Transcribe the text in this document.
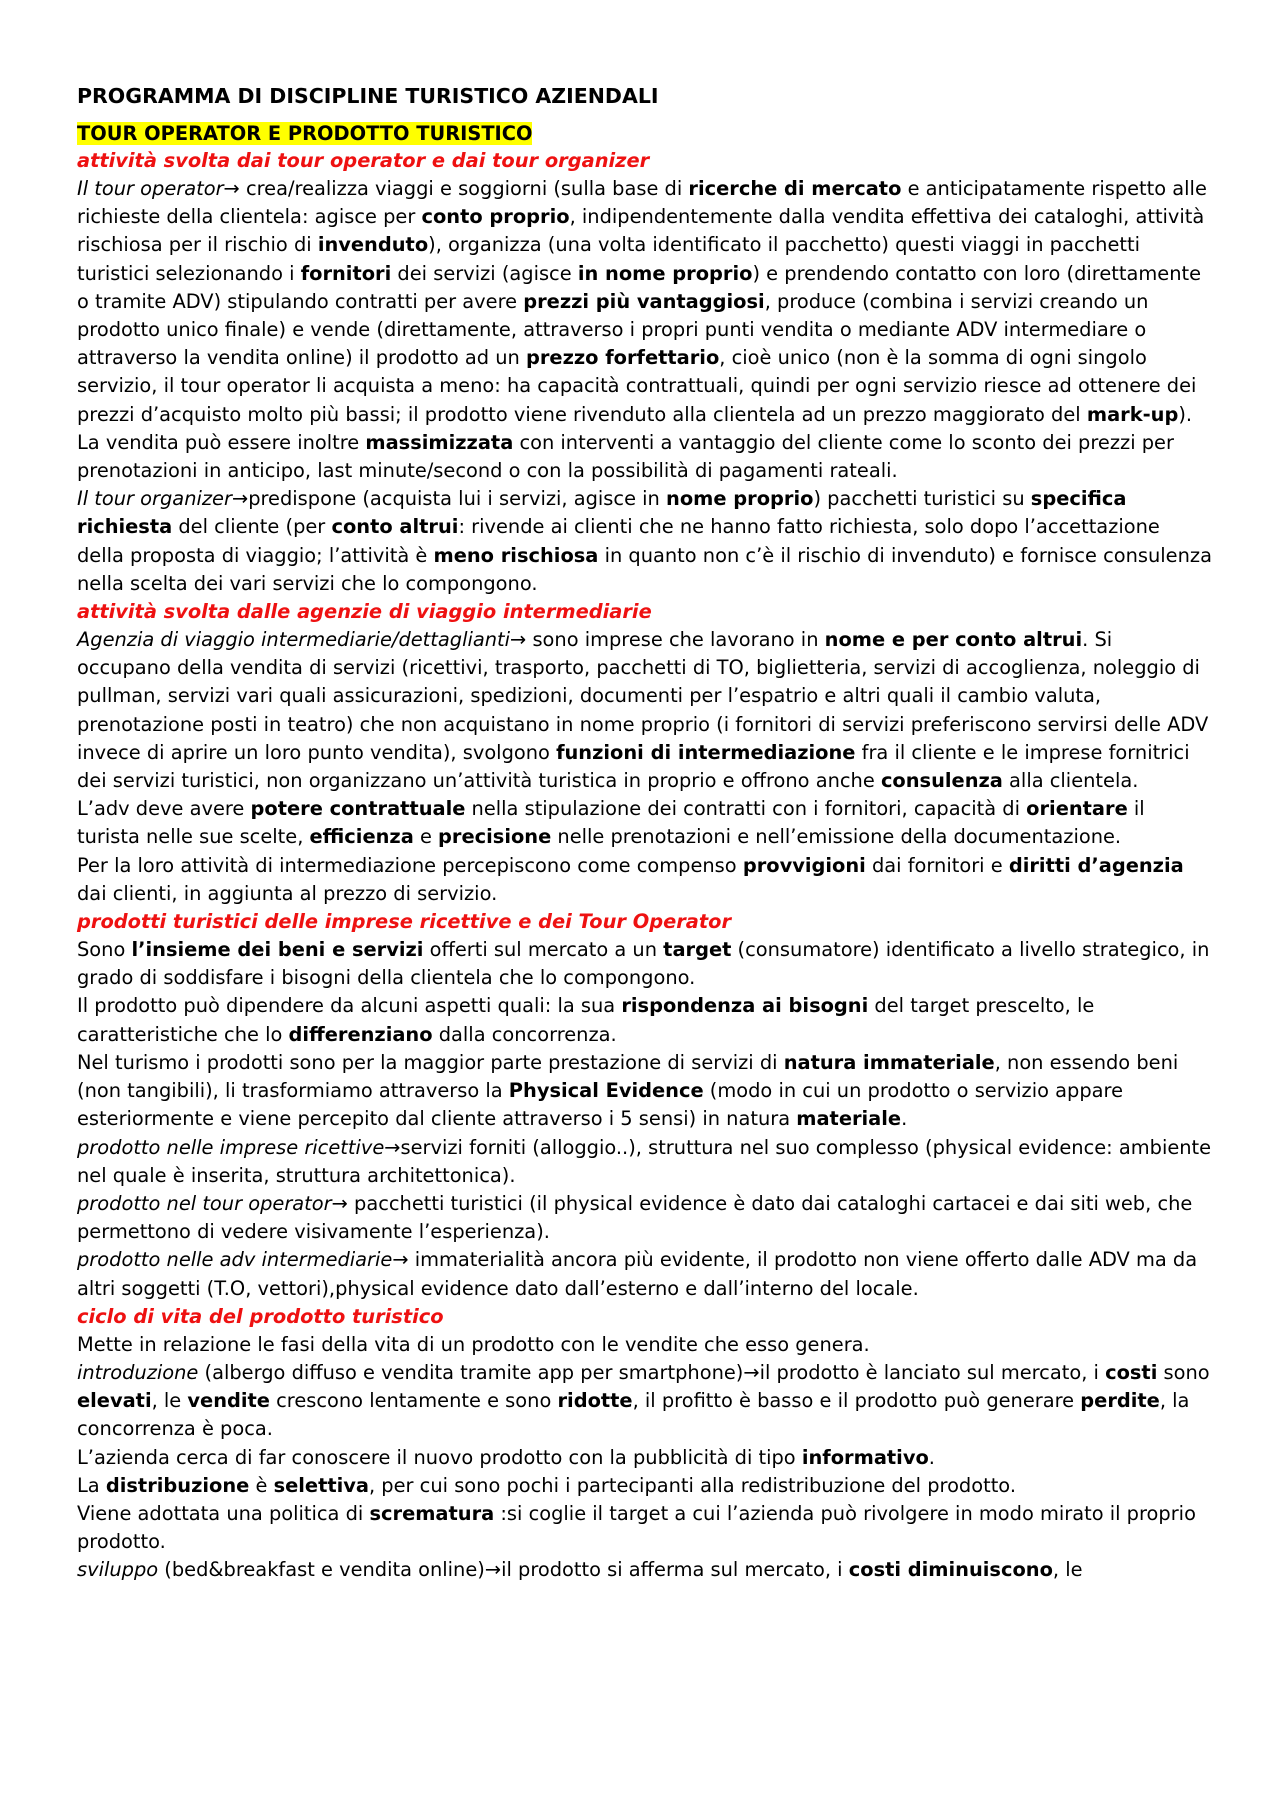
PROGRAMMA DI DISCIPLINE TURISTICO AZIENDALI
TOUR OPERATOR E PRODOTTO TURISTICO
attività svolta dai tour operator e dai tour organizer

Il tour operator→ crea/realizza viaggi e soggiorni (sulla base di ricerche di mercato e anticipatamente rispetto alle richieste della clientela: agisce per conto proprio, indipendentemente dalla vendita effettiva dei cataloghi, attività rischiosa per il rischio di invenduto), organizza (una volta identificato il pacchetto) questi viaggi in pacchetti turistici selezionando i fornitori dei servizi (agisce in nome proprio) e prendendo contatto con loro (direttamente o tramite ADV) stipulando contratti per avere prezzi più vantaggiosi, produce (combina i servizi creando un prodotto unico finale) e vende (direttamente, attraverso i propri punti vendita o mediante ADV intermediare o attraverso la vendita online) il prodotto ad un prezzo forfettario, cioè unico (non è la somma di ogni singolo servizio, il tour operator li acquista a meno: ha capacità contrattuali, quindi per ogni servizio riesce ad ottenere dei prezzi d’acquisto molto più bassi; il prodotto viene rivenduto alla clientela ad un prezzo maggiorato del mark-up).

La vendita può essere inoltre massimizzata con interventi a vantaggio del cliente come lo sconto dei prezzi per prenotazioni in anticipo, last minute/second o con la possibilità di pagamenti rateali.

Il tour organizer→predispone (acquista lui i servizi, agisce in nome proprio) pacchetti turistici su specifica richiesta del cliente (per conto altrui: rivende ai clienti che ne hanno fatto richiesta, solo dopo l’accettazione della proposta di viaggio; l’attività è meno rischiosa in quanto non c’è il rischio di invenduto) e fornisce consulenza nella scelta dei vari servizi che lo compongono.

attività svolta dalle agenzie di viaggio intermediarie

Agenzia di viaggio intermediarie/dettaglianti→ sono imprese che lavorano in nome e per conto altrui. Si occupano della vendita di servizi (ricettivi, trasporto, pacchetti di TO, biglietteria, servizi di accoglienza, noleggio di pullman, servizi vari quali assicurazioni, spedizioni, documenti per l’espatrio e altri quali il cambio valuta, prenotazione posti in teatro) che non acquistano in nome proprio (i fornitori di servizi preferiscono servirsi delle ADV invece di aprire un loro punto vendita), svolgono funzioni di intermediazione fra il cliente e le imprese fornitrici dei servizi turistici, non organizzano un’attività turistica in proprio e offrono anche consulenza alla clientela.

L’adv deve avere potere contrattuale nella stipulazione dei contratti con i fornitori, capacità di orientare il turista nelle sue scelte, efficienza e precisione nelle prenotazioni e nell’emissione della documentazione.

Per la loro attività di intermediazione percepiscono come compenso provvigioni dai fornitori e diritti d’agenzia dai clienti, in aggiunta al prezzo di servizio.

prodotti turistici delle imprese ricettive e dei Tour Operator

Sono l’insieme dei beni e servizi offerti sul mercato a un target (consumatore) identificato a livello strategico, in grado di soddisfare i bisogni della clientela che lo compongono.

Il prodotto può dipendere da alcuni aspetti quali: la sua rispondenza ai bisogni del target prescelto, le caratteristiche che lo differenziano dalla concorrenza.

Nel turismo i prodotti sono per la maggior parte prestazione di servizi di natura immateriale, non essendo beni (non tangibili), li trasformiamo attraverso la Physical Evidence (modo in cui un prodotto o servizio appare esteriormente e viene percepito dal cliente attraverso i 5 sensi) in natura materiale.

prodotto nelle imprese ricettive→servizi forniti (alloggio..), struttura nel suo complesso (physical evidence: ambiente nel quale è inserita, struttura architettonica).

prodotto nel tour operator→ pacchetti turistici (il physical evidence è dato dai cataloghi cartacei e dai siti web, che permettono di vedere visivamente l’esperienza).

prodotto nelle adv intermediarie→ immaterialità ancora più evidente, il prodotto non viene offerto dalle ADV ma da altri soggetti (T.O, vettori),physical evidence dato dall’esterno e dall’interno del locale.

ciclo di vita del prodotto turistico

Mette in relazione le fasi della vita di un prodotto con le vendite che esso genera.

introduzione (albergo diffuso e vendita tramite app per smartphone)→il prodotto è lanciato sul mercato, i costi sono elevati, le vendite crescono lentamente e sono ridotte, il profitto è basso e il prodotto può generare perdite, la concorrenza è poca.

L’azienda cerca di far conoscere il nuovo prodotto con la pubblicità di tipo informativo.

La distribuzione è selettiva, per cui sono pochi i partecipanti alla redistribuzione del prodotto.

Viene adottata una politica di scrematura :si coglie il target a cui l’azienda può rivolgere in modo mirato il proprio prodotto.

sviluppo (bed&breakfast e vendita online)→il prodotto si afferma sul mercato, i costi diminuiscono, le
